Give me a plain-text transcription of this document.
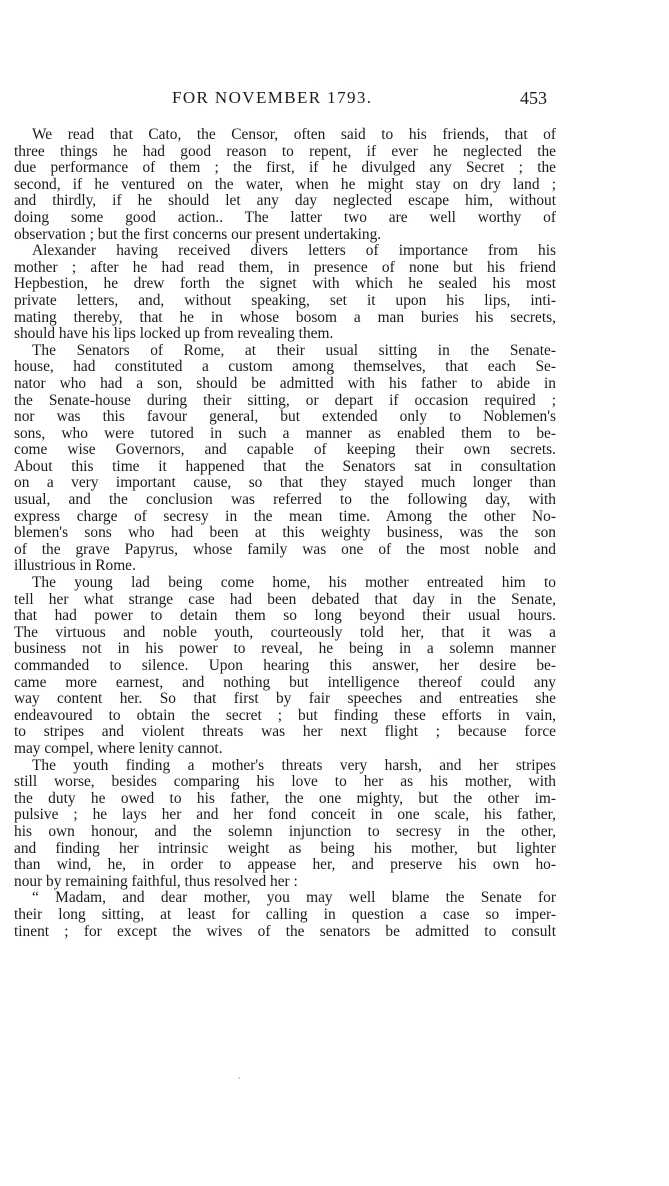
FOR NOVEMBER 1793.	453
We read that Cato, the Censor, often said to his friends, that of
three things he had good reason to repent, if ever he neglected the
due performance of them ; the first, if he divulged any Secret ; the
second, if he ventured on the water, when he might stay on dry land ;
and thirdly, if he should let any day neglected escape him, without
doing some good action.. The latter two are well worthy of
observation ; but the first concerns our present undertaking.
Alexander having received divers letters of importance from his
mother ; after he had read them, in presence of none but his friend
Hepbestion, he drew forth the signet with which he sealed his most
private letters, and, without speaking, set it upon his lips, inti-
mating thereby, that he in whose bosom a man buries his secrets,
should have his lips locked up from revealing them.
The Senators of Rome, at their usual sitting in the Senate-
house, had constituted a custom among themselves, that each Se-
nator who had a son, should be admitted with his father to abide in
the Senate-house during their sitting, or depart if occasion required ;
nor was this favour general, but extended only to Noblemen's
sons, who were tutored in such a manner as enabled them to be-
come wise Governors, and capable of keeping their own secrets.
About this time it happened that the Senators sat in consultation
on a very important cause, so that they stayed much longer than
usual, and the conclusion was referred to the following day, with
express charge of secresy in the mean time. Among the other No-
blemen's sons who had been at this weighty business, was the son
of the grave Papyrus, whose family was one of the most noble and
illustrious in Rome.
The young lad being come home, his mother entreated him to
tell her what strange case had been debated that day in the Senate,
that had power to detain them so long beyond their usual hours.
The virtuous and noble youth, courteously told her, that it was a
business not in his power to reveal, he being in a solemn manner
commanded to silence. Upon hearing this answer, her desire be-
came more earnest, and nothing but intelligence thereof could any
way content her. So that first by fair speeches and entreaties she
endeavoured to obtain the secret ; but finding these efforts in vain,
to stripes and violent threats was her next flight ; because force
may compel, where lenity cannot.
The youth finding a mother's threats very harsh, and her stripes
still worse, besides comparing his love to her as his mother, with
the duty he owed to his father, the one mighty, but the other im-
pulsive ; he lays her and her fond conceit in one scale, his father,
his own honour, and the solemn injunction to secresy in the other,
and finding her intrinsic weight as being his mother, but lighter
than wind, he, in order to appease her, and preserve his own ho-
nour by remaining faithful, thus resolved her :
“ Madam, and dear mother, you may well blame the Senate for
their long sitting, at least for calling in question a case so imper-
tinent ; for except the wives of the senators be admitted to consult
